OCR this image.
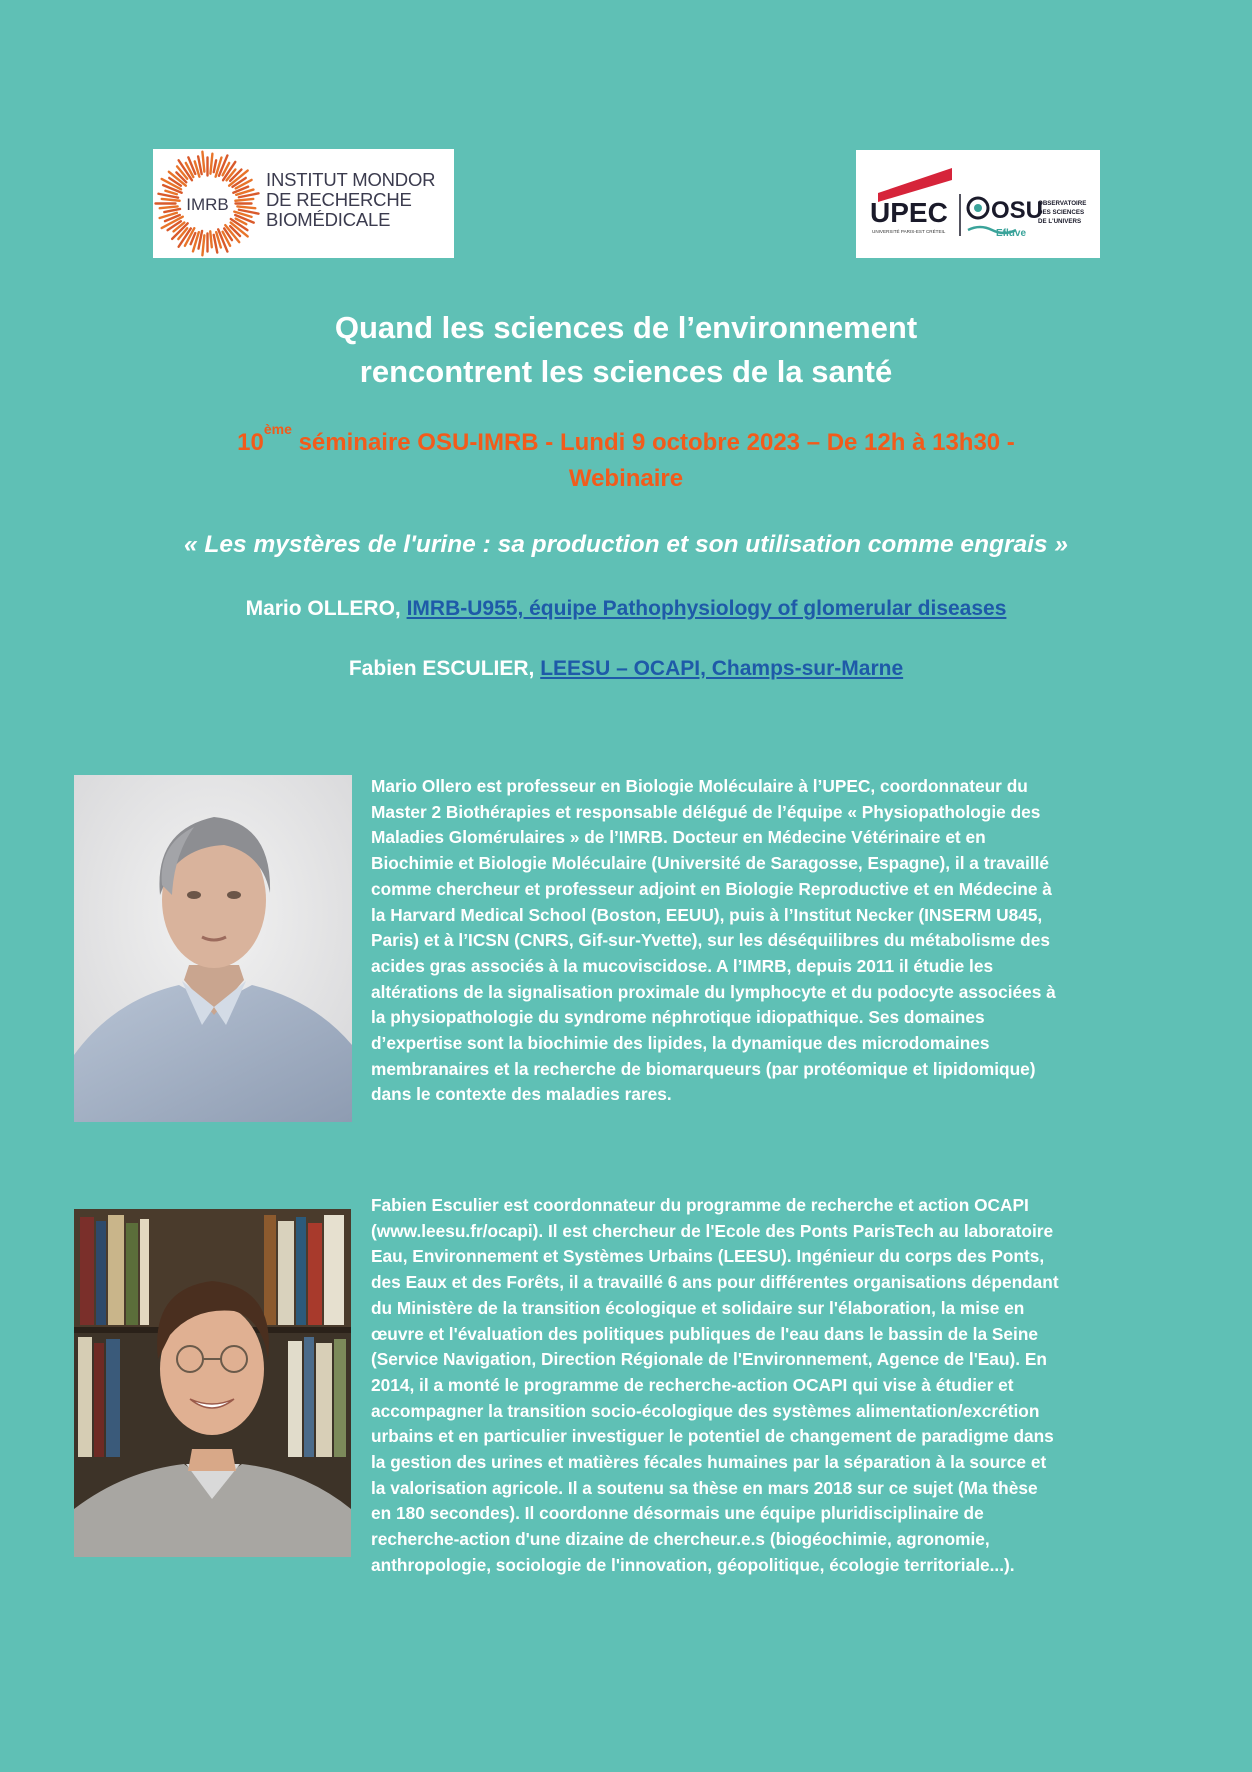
IMRB
INSTITUT MONDOR
DE RECHERCHE
BIOMÉDICALE	UPEC
UNIVERSITÉ PARIS-EST CRÉTEIL
OSU
Efluve
OBSERVATOIRE
DES SCIENCES
DE L'UNIVERS
Quand les sciences de l’environnement
rencontrent les sciences de la santé
10ème séminaire OSU-IMRB - Lundi 9 octobre 2023 – De 12h à 13h30 -
Webinaire
« Les mystères de l'urine : sa production et son utilisation comme engrais »
Mario OLLERO, IMRB-U955, équipe Pathophysiology of glomerular diseases
Fabien ESCULIER, LEESU – OCAPI, Champs-sur-Marne
Mario Ollero est professeur en Biologie Moléculaire à l’UPEC, coordonnateur du
Master 2 Biothérapies et responsable délégué de l’équipe « Physiopathologie des
Maladies Glomérulaires » de l’IMRB. Docteur en Médecine Vétérinaire et en
Biochimie et Biologie Moléculaire (Université de Saragosse, Espagne), il a travaillé
comme chercheur et professeur adjoint en Biologie Reproductive et en Médecine à
la Harvard Medical School (Boston, EEUU), puis à l’Institut Necker (INSERM U845,
Paris) et à l’ICSN (CNRS, Gif-sur-Yvette), sur les déséquilibres du métabolisme des
acides gras associés à la mucoviscidose. A l’IMRB, depuis 2011 il étudie les
altérations de la signalisation proximale du lymphocyte et du podocyte associées à
la physiopathologie du syndrome néphrotique idiopathique. Ses domaines
d’expertise sont la biochimie des lipides, la dynamique des microdomaines
membranaires et la recherche de biomarqueurs (par protéomique et lipidomique)
dans le contexte des maladies rares.
Fabien Esculier est coordonnateur du programme de recherche et action OCAPI
(www.leesu.fr/ocapi). Il est chercheur de l'Ecole des Ponts ParisTech au laboratoire
Eau, Environnement et Systèmes Urbains (LEESU). Ingénieur du corps des Ponts,
des Eaux et des Forêts, il a travaillé 6 ans pour différentes organisations dépendant
du Ministère de la transition écologique et solidaire sur l'élaboration, la mise en
œuvre et l'évaluation des politiques publiques de l'eau dans le bassin de la Seine
(Service Navigation, Direction Régionale de l'Environnement, Agence de l'Eau). En
2014, il a monté le programme de recherche-action OCAPI qui vise à étudier et
accompagner la transition socio-écologique des systèmes alimentation/excrétion
urbains et en particulier investiguer le potentiel de changement de paradigme dans
la gestion des urines et matières fécales humaines par la séparation à la source et
la valorisation agricole. Il a soutenu sa thèse en mars 2018 sur ce sujet (Ma thèse
en 180 secondes). Il coordonne désormais une équipe pluridisciplinaire de
recherche-action d'une dizaine de chercheur.e.s (biogéochimie, agronomie,
anthropologie, sociologie de l'innovation, géopolitique, écologie territoriale...).
